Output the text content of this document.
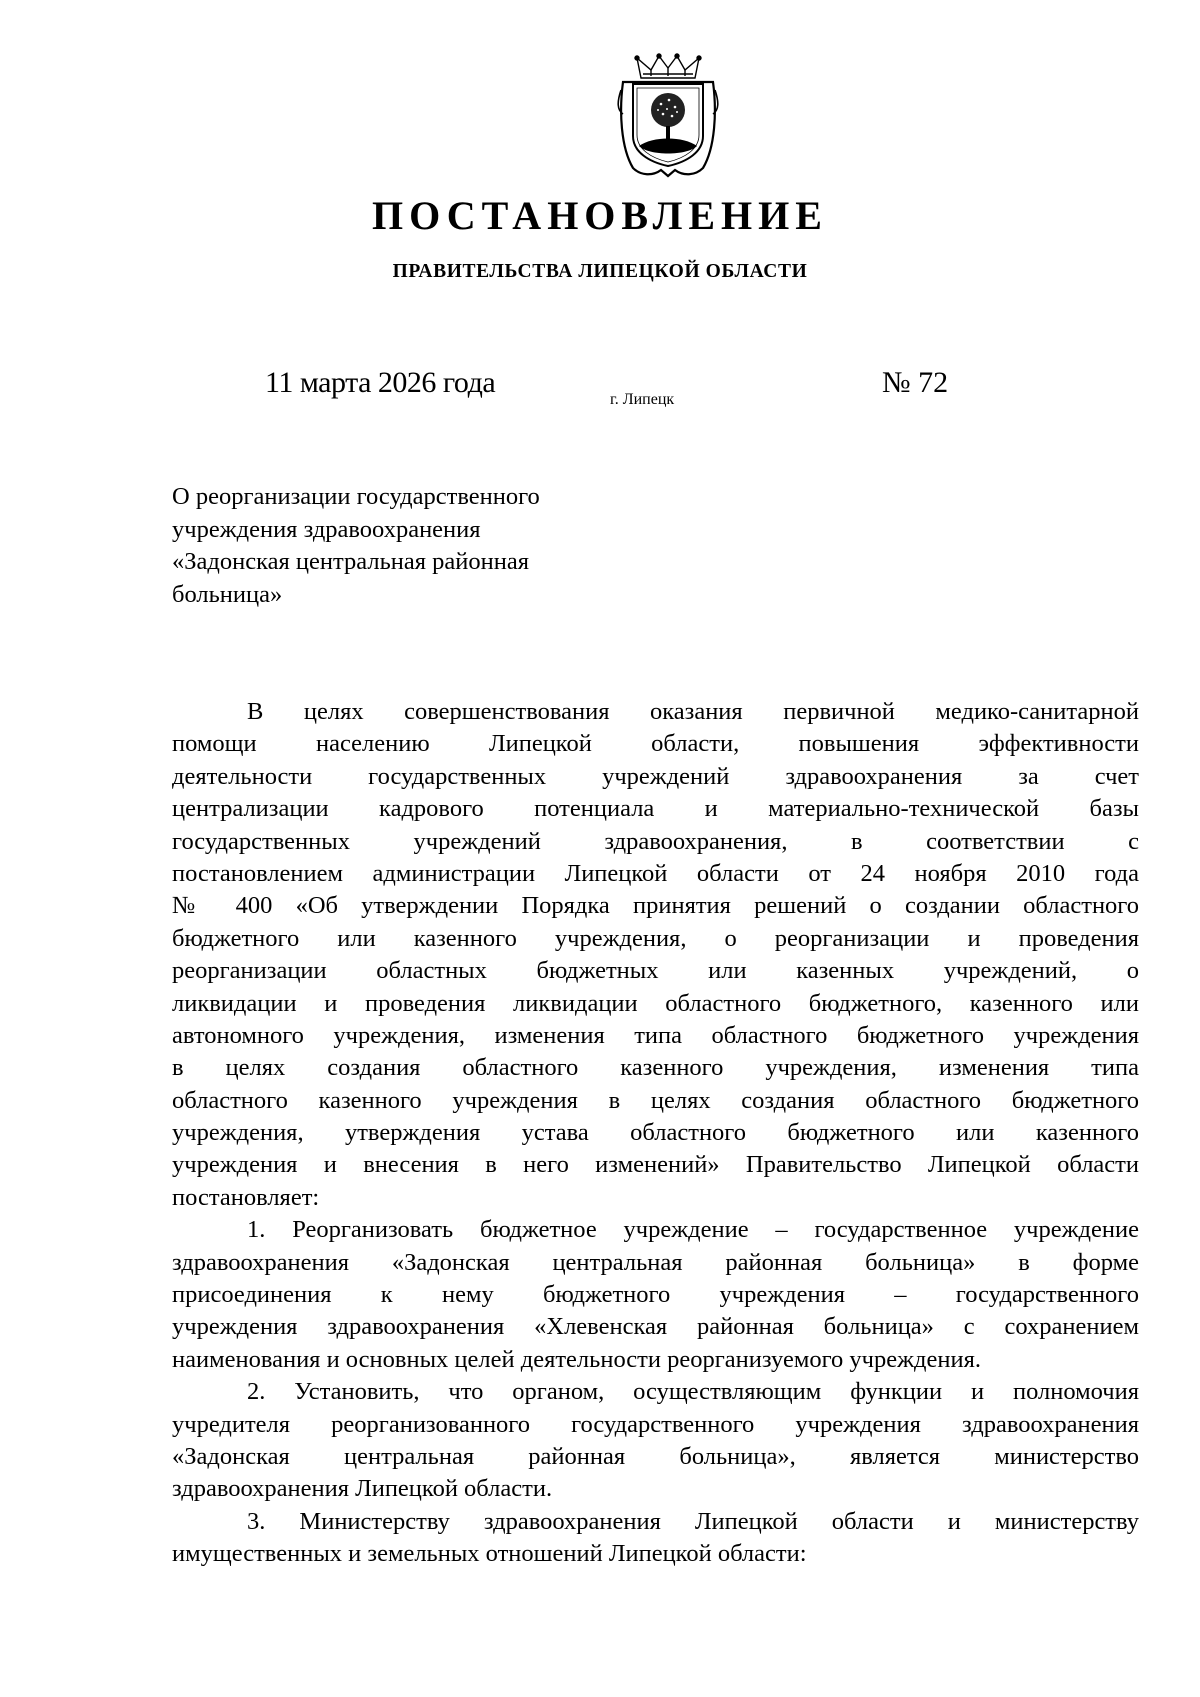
ПОСТАНОВЛЕНИЕ
ПРАВИТЕЛЬСТВА ЛИПЕЦКОЙ ОБЛАСТИ
11 марта 2026 года
г. Липецк
№ 72
О реорганизации государственного
учреждения здравоохранения
«Задонская центральная районная
больница»
В целях совершенствования оказания первичной медико-санитарной
помощи населению Липецкой области, повышения эффективности
деятельности государственных учреждений здравоохранения за счет
централизации кадрового потенциала и материально-технической базы
государственных учреждений здравоохранения, в соответствии с
постановлением администрации Липецкой области от 24 ноября 2010 года
№ 400 «Об утверждении Порядка принятия решений о создании областного
бюджетного или казенного учреждения, о реорганизации и проведения
реорганизации областных бюджетных или казенных учреждений, о
ликвидации и проведения ликвидации областного бюджетного, казенного или
автономного учреждения, изменения типа областного бюджетного учреждения
в целях создания областного казенного учреждения, изменения типа
областного казенного учреждения в целях создания областного бюджетного
учреждения, утверждения устава областного бюджетного или казенного
учреждения и внесения в него изменений» Правительство Липецкой области
постановляет:
1. Реорганизовать бюджетное учреждение – государственное учреждение
здравоохранения «Задонская центральная районная больница» в форме
присоединения к нему бюджетного учреждения – государственного
учреждения здравоохранения «Хлевенская районная больница» с сохранением
наименования и основных целей деятельности реорганизуемого учреждения.
2. Установить, что органом, осуществляющим функции и полномочия
учредителя реорганизованного государственного учреждения здравоохранения
«Задонская центральная районная больница», является министерство
здравоохранения Липецкой области.
3. Министерству здравоохранения Липецкой области и министерству
имущественных и земельных отношений Липецкой области:
